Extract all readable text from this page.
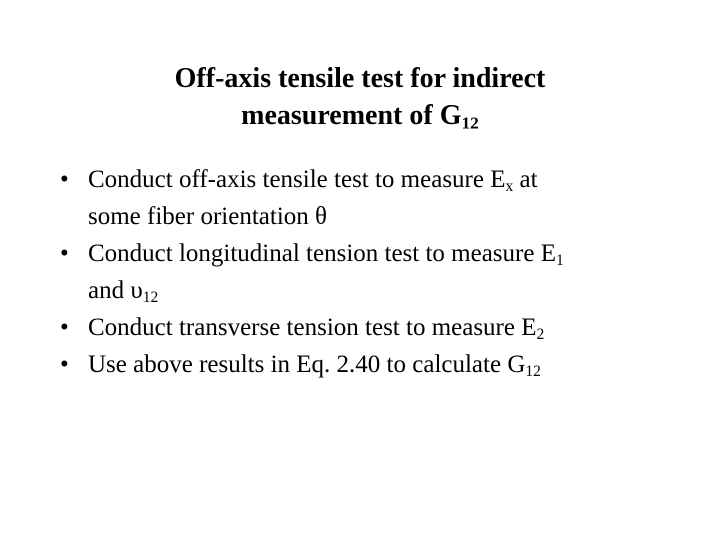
Off-axis tensile test for indirect
measurement of $G_{12}$
• Conduct off-axis tensile test to measure $E_x$ at
some fiber orientation θ
• Conduct longitudinal tension test to measure $E_1$
and $\upsilon_{12}$
• Conduct transverse tension test to measure $E_2$
• Use above results in Eq. 2.40 to calculate $G_{12}$
